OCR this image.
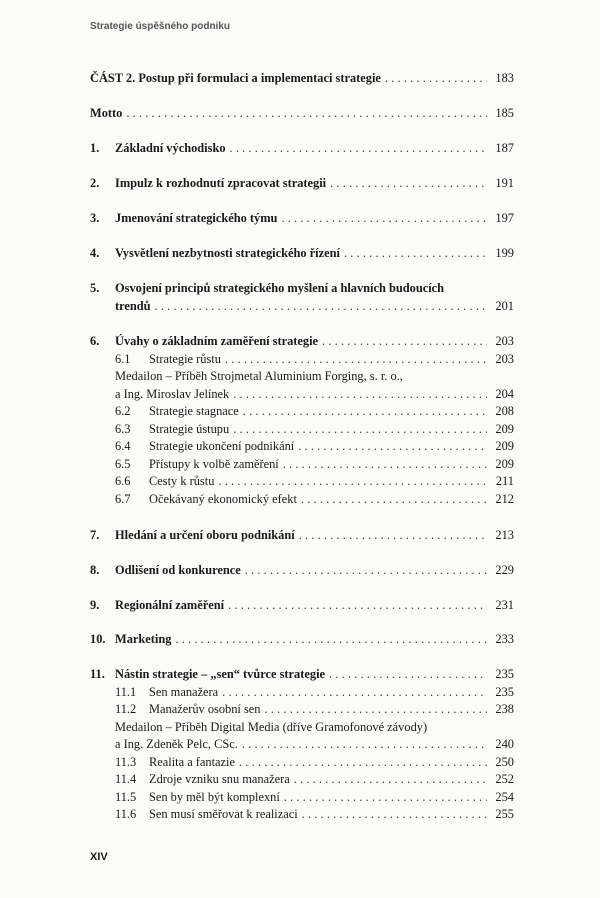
Strategie úspěšného podniku
ČÁST 2. Postup při formulaci a implementaci strategie .....	183
Motto .....	185
1.	Základní východisko .....	187
2.	Impulz k rozhodnutí zpracovat strategii .....	191
3.	Jmenování strategického týmu .....	197
4.	Vysvětlení nezbytnosti strategického řízení .....	199
5.	Osvojení principů strategického myšlení a hlavních budoucích
trendů .....	201
6.	Úvahy o základním zaměření strategie .....	203
6.1	Strategie růstu .....	203
Medailon – Příběh Strojmetal Aluminium Forging, s. r. o.,
a Ing. Miroslav Jelínek .....	204
6.2	Strategie stagnace .....	208
6.3	Strategie ústupu .....	209
6.4	Strategie ukončení podnikání .....	209
6.5	Přístupy k volbě zaměření .....	209
6.6	Cesty k růstu .....	211
6.7	Očekávaný ekonomický efekt .....	212
7.	Hledání a určení oboru podnikání .....	213
8.	Odlišení od konkurence .....	229
9.	Regionální zaměření .....	231
10. Marketing .....	233
11. Nástin strategie – „sen“ tvůrce strategie .....	235
11.1	Sen manažera .....	235
11.2	Manažerův osobní sen .....	238
Medailon – Příběh Digital Media (dříve Gramofonové závody)
a Ing. Zdeněk Pelc, CSc. .....	240
11.3	Realita a fantazie .....	250
11.4	Zdroje vzniku snu manažera .....	252
11.5	Sen by měl být komplexní .....	254
11.6	Sen musí směřovat k realizaci .....	255
XIV
